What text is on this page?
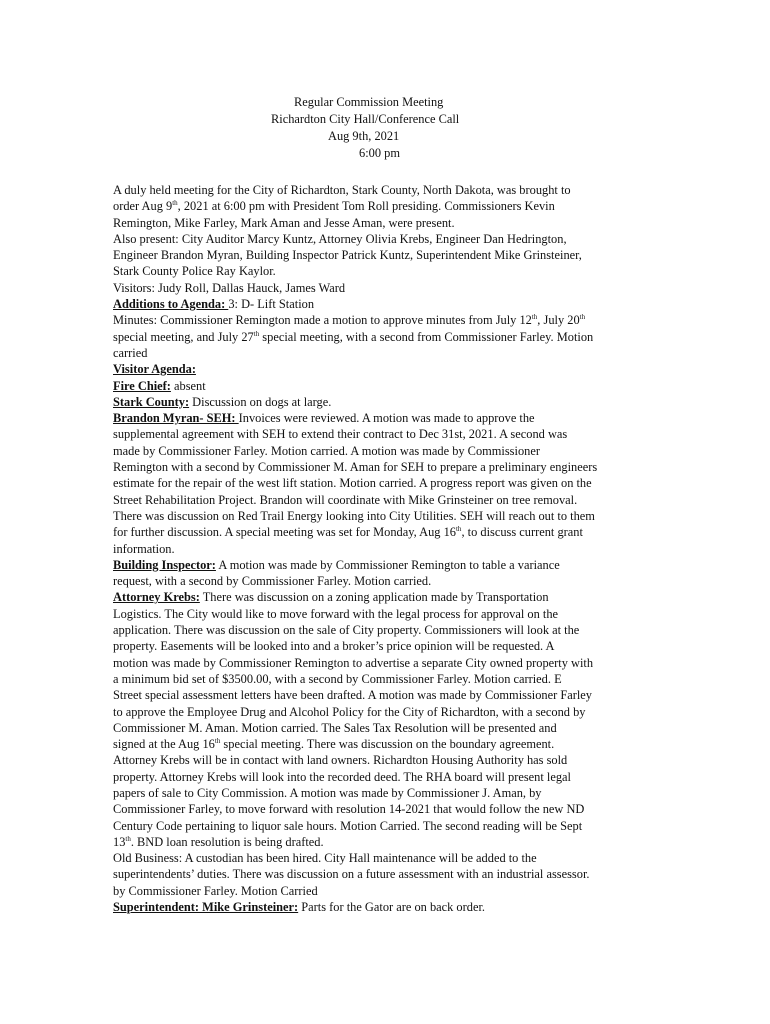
Regular Commission Meeting
Richardton City Hall/Conference Call
Aug 9th, 2021
6:00 pm
A duly held meeting for the City of Richardton, Stark County, North Dakota, was brought to
order Aug 9th, 2021 at 6:00 pm with President Tom Roll presiding. Commissioners Kevin
Remington, Mike Farley, Mark Aman and Jesse Aman, were present.
Also present: City Auditor Marcy Kuntz, Attorney Olivia Krebs, Engineer Dan Hedrington,
Engineer Brandon Myran, Building Inspector Patrick Kuntz, Superintendent Mike Grinsteiner,
Stark County Police Ray Kaylor.
Visitors: Judy Roll, Dallas Hauck, James Ward
Additions to Agenda: 3: D- Lift Station
Minutes: Commissioner Remington made a motion to approve minutes from July 12th, July 20th
special meeting, and July 27th special meeting, with a second from Commissioner Farley. Motion
carried
Visitor Agenda:
Fire Chief: absent
Stark County: Discussion on dogs at large.
Brandon Myran- SEH: Invoices were reviewed. A motion was made to approve the
supplemental agreement with SEH to extend their contract to Dec 31st, 2021. A second was
made by Commissioner Farley. Motion carried. A motion was made by Commissioner
Remington with a second by Commissioner M. Aman for SEH to prepare a preliminary engineers
estimate for the repair of the west lift station. Motion carried. A progress report was given on the
Street Rehabilitation Project. Brandon will coordinate with Mike Grinsteiner on tree removal.
There was discussion on Red Trail Energy looking into City Utilities. SEH will reach out to them
for further discussion. A special meeting was set for Monday, Aug 16th, to discuss current grant
information.
Building Inspector: A motion was made by Commissioner Remington to table a variance
request, with a second by Commissioner Farley. Motion carried.
Attorney Krebs: There was discussion on a zoning application made by Transportation
Logistics. The City would like to move forward with the legal process for approval on the
application. There was discussion on the sale of City property. Commissioners will look at the
property. Easements will be looked into and a broker’s price opinion will be requested. A
motion was made by Commissioner Remington to advertise a separate City owned property with
a minimum bid set of $3500.00, with a second by Commissioner Farley. Motion carried. E
Street special assessment letters have been drafted. A motion was made by Commissioner Farley
to approve the Employee Drug and Alcohol Policy for the City of Richardton, with a second by
Commissioner M. Aman. Motion carried. The Sales Tax Resolution will be presented and
signed at the Aug 16th special meeting. There was discussion on the boundary agreement.
Attorney Krebs will be in contact with land owners. Richardton Housing Authority has sold
property. Attorney Krebs will look into the recorded deed. The RHA board will present legal
papers of sale to City Commission. A motion was made by Commissioner J. Aman, by
Commissioner Farley, to move forward with resolution 14-2021 that would follow the new ND
Century Code pertaining to liquor sale hours. Motion Carried. The second reading will be Sept
13th. BND loan resolution is being drafted.
Old Business: A custodian has been hired. City Hall maintenance will be added to the
superintendents’ duties. There was discussion on a future assessment with an industrial assessor.
by Commissioner Farley. Motion Carried
Superintendent: Mike Grinsteiner: Parts for the Gator are on back order.
